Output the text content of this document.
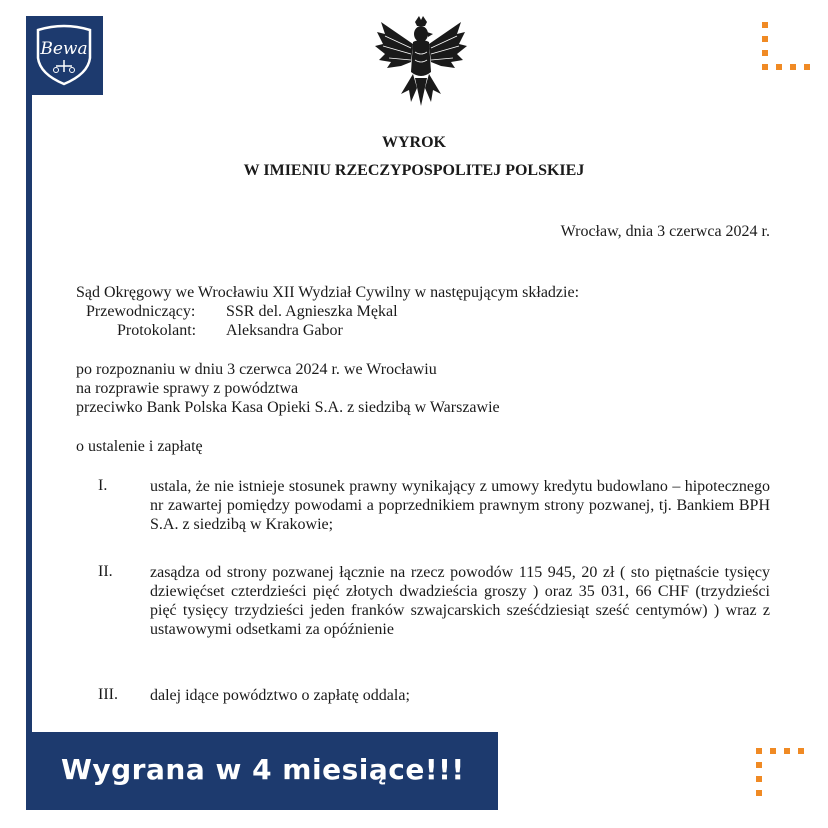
Bewa
WYROK
W IMIENIU RZECZYPOSPOLITEJ POLSKIEJ
Wrocław, dnia 3 czerwca 2024 r.
Sąd Okręgowy we Wrocławiu XII Wydział Cywilny w następującym składzie:
Przewodniczący: SSR del. Agnieszka Mękal
Protokolant: Aleksandra Gabor
po rozpoznaniu w dniu 3 czerwca 2024 r. we Wrocławiu
na rozprawie sprawy z powództwa
przeciwko Bank Polska Kasa Opieki S.A. z siedzibą w Warszawie
o ustalenie i zapłatę
I.	ustala, że nie istnieje stosunek prawny wynikający z umowy kredytu budowlano – hipotecznego nr zawartej pomiędzy powodami a poprzednikiem prawnym strony pozwanej, tj. Bankiem BPH S.A. z siedzibą w Krakowie;
II. zasądza od strony pozwanej łącznie na rzecz powodów 115 945, 20 zł ( sto piętnaście tysięcy dziewięćset czterdzieści pięć złotych dwadzieścia groszy ) oraz 35 031, 66 CHF (trzydzieści pięć tysięcy trzydzieści jeden franków szwajcarskich sześćdziesiąt sześć centymów) ) wraz z ustawowymi odsetkami za opóźnienie
III. dalej idące powództwo o zapłatę oddala;
Wygrana w 4 miesiące!!!
